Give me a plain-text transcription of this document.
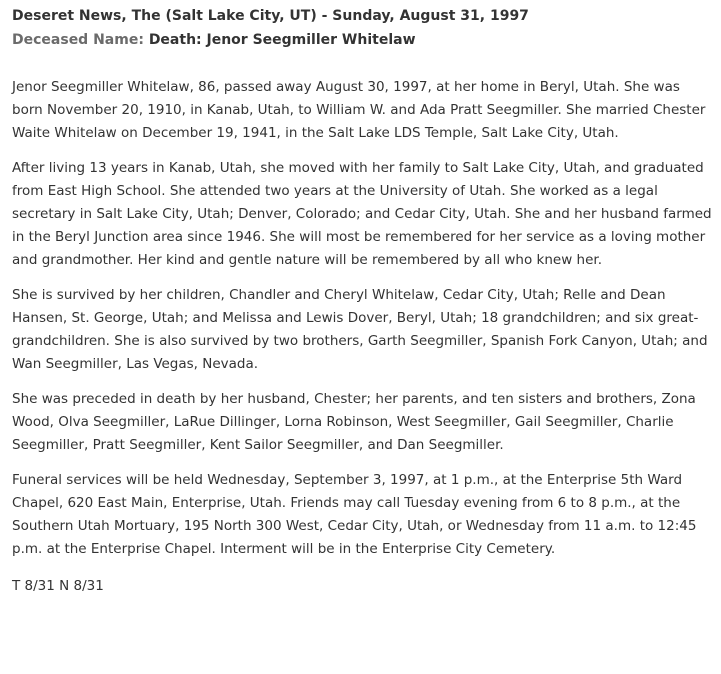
Deseret News, The (Salt Lake City, UT) - Sunday, August 31, 1997
Deceased Name: Death: Jenor Seegmiller Whitelaw

Jenor Seegmiller Whitelaw, 86, passed away August 30, 1997, at her home in Beryl, Utah. She was born November 20, 1910, in Kanab, Utah, to William W. and Ada Pratt Seegmiller. She married Chester Waite Whitelaw on December 19, 1941, in the Salt Lake LDS Temple, Salt Lake City, Utah.

After living 13 years in Kanab, Utah, she moved with her family to Salt Lake City, Utah, and graduated from East High School. She attended two years at the University of Utah. She worked as a legal secretary in Salt Lake City, Utah; Denver, Colorado; and Cedar City, Utah. She and her husband farmed in the Beryl Junction area since 1946. She will most be remembered for her service as a loving mother and grandmother. Her kind and gentle nature will be remembered by all who knew her.

She is survived by her children, Chandler and Cheryl Whitelaw, Cedar City, Utah; Relle and Dean Hansen, St. George, Utah; and Melissa and Lewis Dover, Beryl, Utah; 18 grandchildren; and six great-grandchildren. She is also survived by two brothers, Garth Seegmiller, Spanish Fork Canyon, Utah; and Wan Seegmiller, Las Vegas, Nevada.

She was preceded in death by her husband, Chester; her parents, and ten sisters and brothers, Zona Wood, Olva Seegmiller, LaRue Dillinger, Lorna Robinson, West Seegmiller, Gail Seegmiller, Charlie Seegmiller, Pratt Seegmiller, Kent Sailor Seegmiller, and Dan Seegmiller.

Funeral services will be held Wednesday, September 3, 1997, at 1 p.m., at the Enterprise 5th Ward Chapel, 620 East Main, Enterprise, Utah. Friends may call Tuesday evening from 6 to 8 p.m., at the Southern Utah Mortuary, 195 North 300 West, Cedar City, Utah, or Wednesday from 11 a.m. to 12:45 p.m. at the Enterprise Chapel. Interment will be in the Enterprise City Cemetery.

T 8/31 N 8/31
